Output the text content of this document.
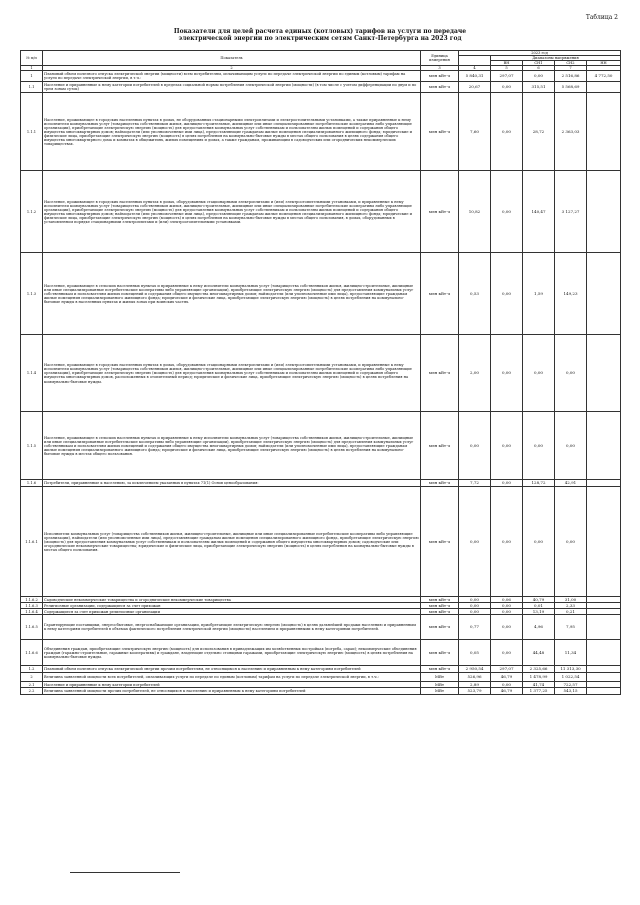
Таблица 2
Показатели для целей расчета единых (котловых) тарифов на услуги по передаче электрической энергии по электрическим сетям Санкт-Петербурга на 2023 год
№ п/п	Показатель	Единица измерения	2023 год				
				Диапазоны напряжения			
				ВН	СН1	СН2	НН
1	2	3	4	5	6	7	
1	Плановый объем полезного отпуска электрической энергии (мощности) всем потребителям, оплачивающим услуги по передаче электрической энергии по единым (котловым) тарифам на услуги по передаче электрической энергии, в т.ч.:	млн кВт·ч	5 840,31	297,07	0,00	2 516,86	4 772,50
1.1	Население и приравненные к нему категории потребителей в пределах социальной нормы потребления электрической энергии (мощности) (в том числе с учетом дифференциации по двум и по трем зонам суток)	млн кВт·ч	20,67	0,00	315,51	5 568,69	
1.1.1	Население, проживающее в городских населенных пунктах в домах, не оборудованных стационарными электроплитами и электроотопительными установками, а также приравненные к нему исполнители коммунальных услуг (товарищества собственников жилья, жилищно-строительные, жилищные или иные специализированные потребительские кооперативы либо управляющие организации), приобретающие электрическую энергию (мощность) для предоставления коммунальных услуг собственникам и пользователям жилых помещений и содержания общего имущества многоквартирных домов; наймодатели (или уполномоченные ими лица), предоставляющие гражданам жилые помещения специализированного жилищного фонда; юридические и физические лица, приобретающие электрическую энергию (мощность) в целях потребления на коммунально-бытовые нужды в местах общего пользования в целях содержания общего имущества многоквартирного дома и комнатах в общежитиях, жилых помещениях и домах, а также гражданам, проживающим в садоводческих или огороднических некоммерческих товариществах.	млн кВт·ч	7,60	0,00	28,72	2 363,03	
1.1.2	Население, проживающее в городских населенных пунктах в домах, оборудованных стационарными электроплитами и (или) электроотопительными установками, и приравненные к нему исполнители коммунальных услуг (товарищества собственников жилья, жилищно-строительные, жилищные или иные специализированные потребительские кооперативы либо управляющие организации), приобретающие электрическую энергию (мощность) для предоставления коммунальных услуг собственникам и пользователям жилых помещений и содержания общего имущества многоквартирных домов; наймодатели (или уполномоченные ими лица), предоставляющие гражданам жилые помещения специализированного жилищного фонда; юридические и физические лица, приобретающие электрическую энергию (мощность) в целях потребления на коммунально-бытовые нужды в местах общего пользования, в домах, оборудованных в установленном порядке стационарными электроплитами и (или) электроотопительными установками.	млн кВт·ч	10,82	0,00	140,47	3 127,27	
1.1.3	Население, проживающее в сельских населенных пунктах и приравненные к нему исполнители коммунальных услуг (товарищества собственников жилья, жилищно-строительные, жилищные или иные специализированные потребительские кооперативы либо управляющие организации), приобретающие электрическую энергию (мощность) для предоставления коммунальных услуг собственникам и пользователям жилых помещений и содержания общего имущества многоквартирных домов; наймодатели (или уполномоченные ими лица), предоставляющие гражданам жилые помещения специализированного жилищного фонда; юридические и физические лица, приобретающие электрическую энергию (мощность) в целях потребления на коммунально-бытовые нужды в населенных пунктах и жилых зонах при воинских частях.	млн кВт·ч	0,53	0,00	1,59	149,23	
1.1.4	Население, проживающее в городских населенных пунктах в домах, оборудованных стационарными электроплитами и (или) электроотопительными установками, и приравненные к нему исполнители коммунальных услуг (товарищества собственников жилья, жилищно-строительные, жилищные или иные специализированные потребительские кооперативы либо управляющие организации), приобретающие электрическую энергию (мощность) для предоставления коммунальных услуг собственникам и пользователям жилых помещений и содержания общего имущества многоквартирных домов, расположенных в отопительный период; юридические и физические лица, приобретающие электрическую энергию (мощность) в целях потребления на коммунально-бытовые нужды.	млн кВт·ч	2,00	0,00	0,00	0,00	
1.1.5	Население, проживающее в сельских населенных пунктах и приравненные к нему исполнители коммунальных услуг (товарищества собственников жилья, жилищно-строительные, жилищные или иные специализированные потребительские кооперативы либо управляющие организации), приобретающие электрическую энергию (мощность) для предоставления коммунальных услуг собственникам и пользователям жилых помещений и содержания общего имущества многоквартирных домов; наймодатели (или уполномоченные ими лица), предоставляющие гражданам жилые помещения специализированного жилищного фонда; юридические и физические лица, приобретающие электрическую энергию (мощность) в целях потребления на коммунально-бытовые нужды в местах общего пользования.	млн кВт·ч	0,00	0,00	0,00	0,00	
1.1.6	Потребители, приравненные к населению, за исключением указанных в пунктах 71(1) Основ ценообразования:	млн кВт·ч	7,72	0,00	128,72	42,91	
1.1.6.1	Исполнители коммунальных услуг (товарищества собственников жилья, жилищно-строительные, жилищные или иные специализированные потребительские кооперативы либо управляющие организации), наймодатели (или уполномоченные ими лица), предоставляющие гражданам жилые помещения специализированного жилищного фонда, приобретающие электрическую энергию (мощность) для предоставления коммунальных услуг собственникам и пользователям жилых помещений и содержания общего имущества многоквартирных домов; садоводческие или огороднические некоммерческие товарищества; юридические и физические лица, приобретающие электрическую энергию (мощность) в целях потребления на коммунально-бытовые нужды в местах общего пользования.	млн кВт·ч	0,00	0,00	0,00	0,00	
1.1.6.2	Садоводческие некоммерческие товарищества и огороднические некоммерческие товарищества	млн кВт·ч	0,00	0,06	40,79	31,00	
1.1.6.3	Религиозные организации, содержащиеся за счет прихожан	млн кВт·ч	0,00	0,00	0,01	2,33	
1.1.6.4	Содержащиеся за счет прихожан религиозные организации	млн кВт·ч	0,00	0,00	13,19	0,21	
1.1.6.5	Гарантирующие поставщики, энергосбытовые, энергоснабжающие организации, приобретающие электрическую энергию (мощность) в целях дальнейшей продажи населению и приравненным к нему категориям потребителей в объемах фактического потребления электрической энергии (мощности) населением и приравненными к нему категориями потребителей.	млн кВт·ч	0,77	0,00	4,96	7,95	
1.1.6.6	Объединения граждан, приобретающие электрическую энергию (мощность) для использования в принадлежащих им хозяйственных постройках (погреба, сараи); некоммерческие объединения граждан (гаражно-строительные, гаражные кооперативы) и граждане, владеющие отдельно стоящими гаражами, приобретающие электрическую энергию (мощность) в целях потребления на коммунально-бытовые нужды.	млн кВт·ч	0,05	0,00	44,48	11,34	
1.2	Плановый объем полезного отпуска электрической энергии прочим потребителям, не относящимся к населению и приравненным к нему категориям потребителей	млн кВт·ч	2 950,54	297,07	2 325,66	11 313,30	
2	Величина заявленной мощности всех потребителей, оплачивающих услуги по передаче по единым (котловым) тарифам на услуги по передаче электрической энергии, в т.ч.:	МВт	526,96	46,79	1 478,99	1 022,54	
2.1	Население и приравненные к нему категории потребителей	МВт	2,89	0,00	41,74	722,57	
2.2	Величина заявленной мощности прочих потребителей, не относящихся к населению и приравненным к нему категориям потребителей	МВт	523,79	46,79	1 377,25	543,15	
